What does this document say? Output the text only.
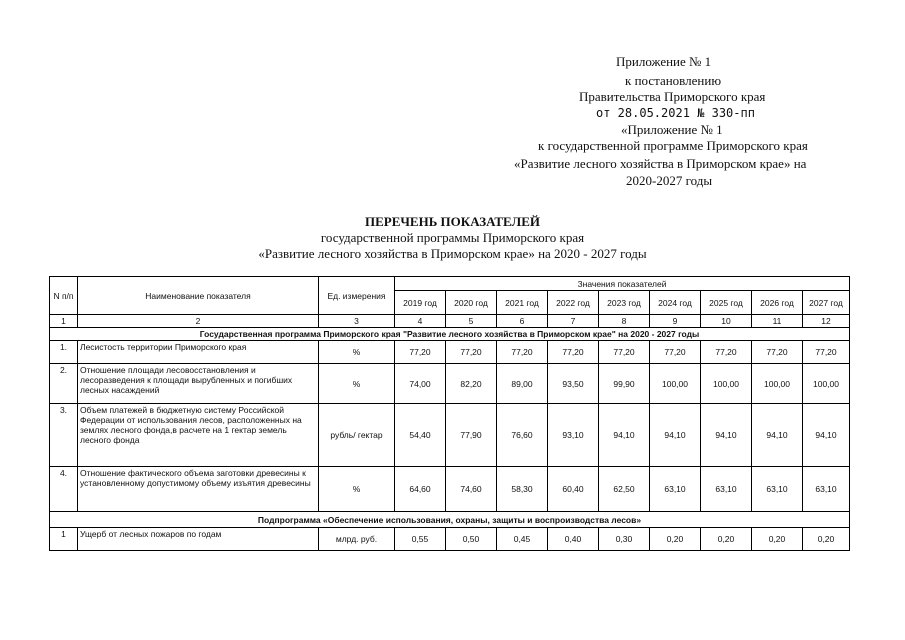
Приложение № 1
к постановлению
Правительства Приморского края
от 28.05.2021 № 330-пп
«Приложение № 1
к государственной программе Приморского края
«Развитие лесного хозяйства в Приморском крае» на
2020-2027 годы
ПЕРЕЧЕНЬ ПОКАЗАТЕЛЕЙ
государственной программы Приморского края
«Развитие лесного хозяйства в Приморском крае» на 2020 - 2027 годы
N п/п	Наименование показателя	Ед. измерения	Значения показателей								
			2019 год	2020 год	2021 год	2022 год	2023 год	2024 год	2025 год	2026 год	2027 год
1	2	3	4	5	6	7	8	9	10	11	12
Государственная программа Приморского края "Развитие лесного хозяйства в Приморском крае" на 2020 - 2027 годы											
1.	Лесистость территории Приморского края	%	77,20	77,20	77,20	77,20	77,20	77,20	77,20	77,20	77,20
2.	Отношение площади лесовосстановления и лесоразведения к площади вырубленных и погибших лесных насаждений	%	74,00	82,20	89,00	93,50	99,90	100,00	100,00	100,00	100,00
3.	Объем платежей в бюджетную систему Российской Федерации от использования лесов, расположенных на землях лесного фонда,в расчете на 1 гектар земель лесного фонда	рубль/ гектар	54,40	77,90	76,60	93,10	94,10	94,10	94,10	94,10	94,10
4.	Отношение фактического объема заготовки древесины к установленному допустимому объему изъятия древесины	%	64,60	74,60	58,30	60,40	62,50	63,10	63,10	63,10	63,10
Подпрограмма «Обеспечение использования, охраны, защиты и воспроизводства лесов»											
1	Ущерб от лесных пожаров по годам	млрд. руб.	0,55	0,50	0,45	0,40	0,30	0,20	0,20	0,20	0,20
